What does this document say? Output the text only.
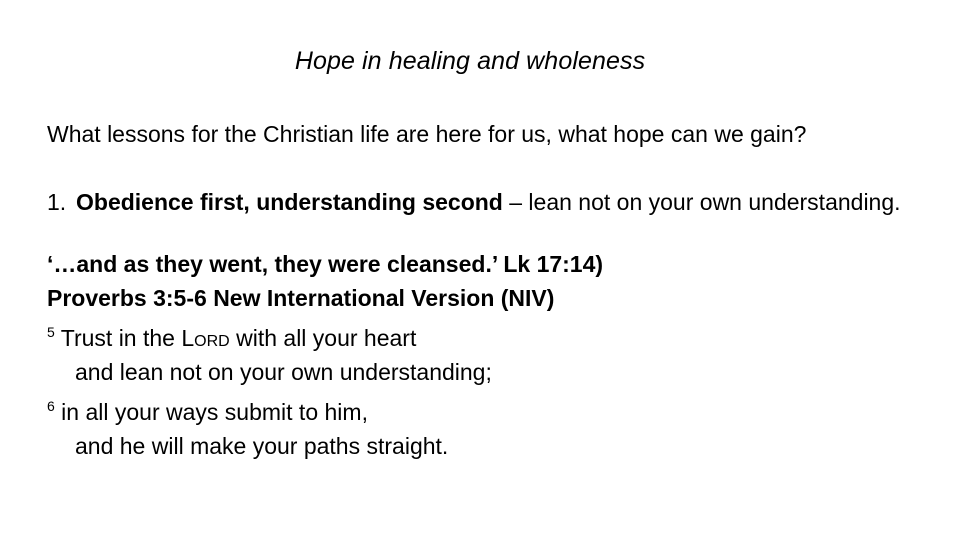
Hope in healing and wholeness

What lessons for the Christian life are here for us, what hope can we gain?

1. Obedience first, understanding second – lean not on your own understanding.
‘…and as they went, they were cleansed.’ Lk 17:14)
Proverbs 3:5-6 New International Version (NIV)
$^5$ Trust in the Lord with all your heart
and lean not on your own understanding;
$^6$ in all your ways submit to him,
and he will make your paths straight.
